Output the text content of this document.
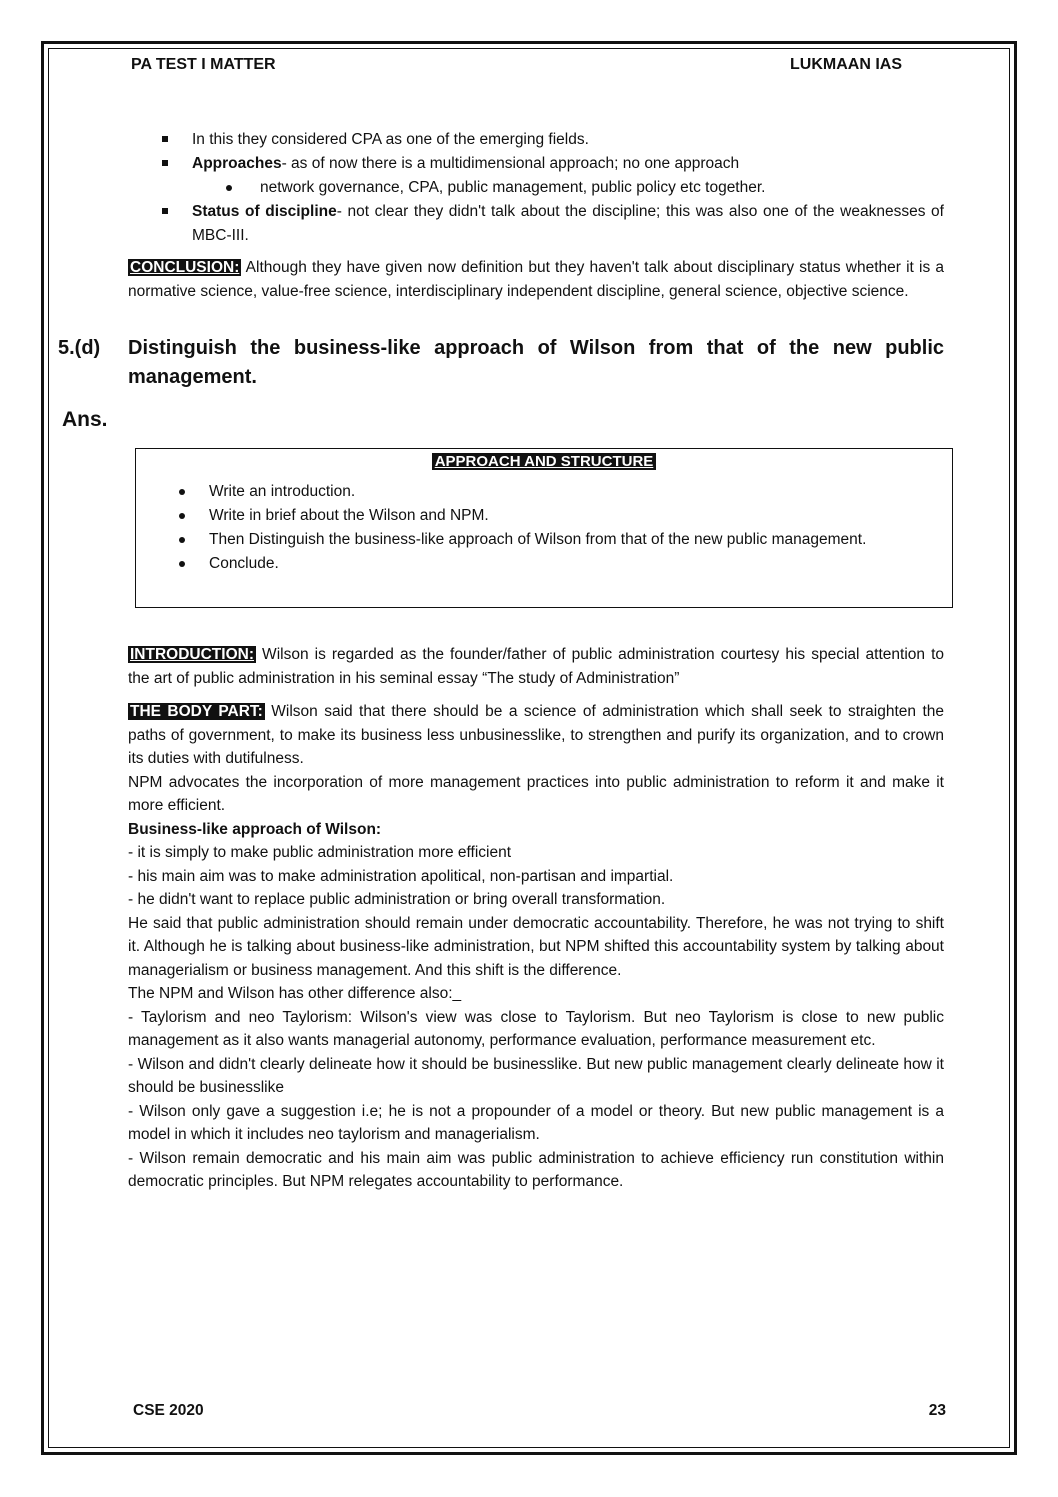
PA TEST I MATTER	LUKMAAN IAS
In this they considered CPA as one of the emerging fields.
Approaches- as of now there is a multidimensional approach; no one approach
network governance, CPA, public management, public policy etc together.
Status of discipline- not clear they didn't talk about the discipline; this was also one of the weaknesses of MBC-III.

CONCLUSION: Although they have given now definition but they haven't talk about disciplinary status whether it is a normative science, value-free science, interdisciplinary independent discipline, general science, objective science.

5.(d) Distinguish the business-like approach of Wilson from that of the new public management.
Ans.
APPROACH AND STRUCTURE
Write an introduction.
Write in brief about the Wilson and NPM.
Then Distinguish the business-like approach of Wilson from that of the new public management.
Conclude.

INTRODUCTION: Wilson is regarded as the founder/father of public administration courtesy his special attention to the art of public administration in his seminal essay “The study of Administration”

THE BODY PART: Wilson said that there should be a science of administration which shall seek to straighten the paths of government, to make its business less unbusinesslike, to strengthen and purify its organization, and to crown its duties with dutifulness.

NPM advocates the incorporation of more management practices into public administration to reform it and make it more efficient.

Business-like approach of Wilson:

- it is simply to make public administration more efficient

- his main aim was to make administration apolitical, non-partisan and impartial.

- he didn't want to replace public administration or bring overall transformation.

He said that public administration should remain under democratic accountability. Therefore, he was not trying to shift it. Although he is talking about business-like administration, but NPM shifted this accountability system by talking about managerialism or business management. And this shift is the difference.

The NPM and Wilson has other difference also:_

- Taylorism and neo Taylorism: Wilson's view was close to Taylorism. But neo Taylorism is close to new public management as it also wants managerial autonomy, performance evaluation, performance measurement etc.

- Wilson and didn't clearly delineate how it should be businesslike. But new public management clearly delineate how it should be businesslike

- Wilson only gave a suggestion i.e; he is not a propounder of a model or theory. But new public management is a model in which it includes neo taylorism and managerialism.

- Wilson remain democratic and his main aim was public administration to achieve efficiency run constitution within democratic principles. But NPM relegates accountability to performance.

CSE 2020	23
